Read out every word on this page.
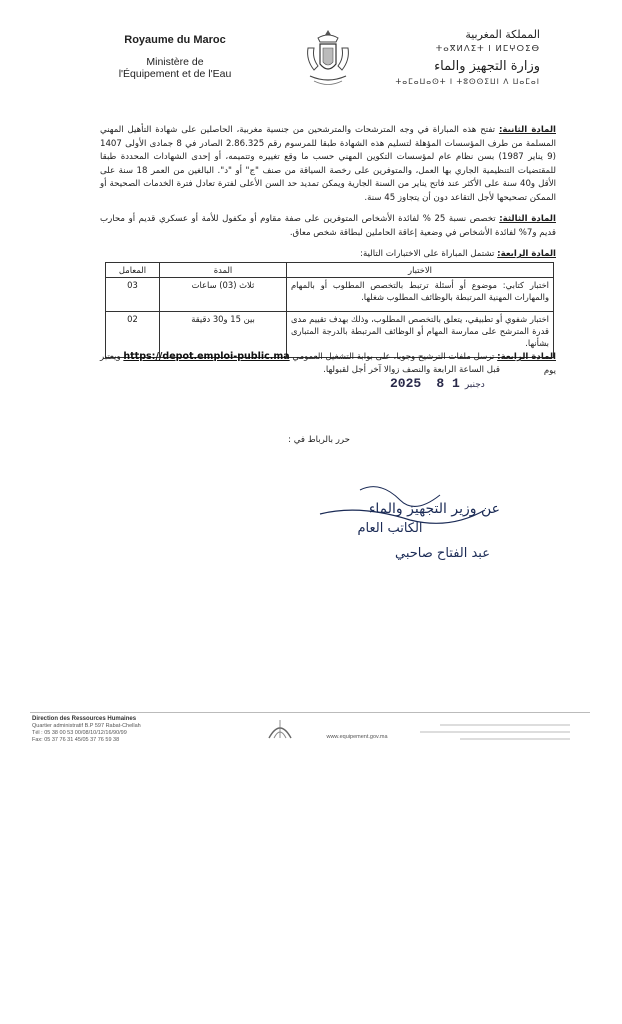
Royaume du Maroc
Ministère de
l'Équipement et de l'Eau
المملكة المغربية
ⵜⴰⴳⵍⴷⵉⵜ ⵏ ⵍⵎⵖⵔⵉⴱ
وزارة التجهيز والماء
ⵜⴰⵎⴰⵡⴰⵙⵜ ⵏ ⵜⵓⵙⵙⵉⵡⵏ ⴷ ⵡⴰⵎⴰⵏ
المادة الثانية: تفتح هذه المباراة في وجه المترشحات والمترشحين من جنسية مغربية، الحاصلين على شهادة التأهيل المهني المسلمة من طرف المؤسسات المؤهلة لتسليم هذه الشهادة طبقا للمرسوم رقم 2.86.325 الصادر في 8 جمادى الأولى 1407 (9 يناير 1987) بسن نظام عام لمؤسسات التكوين المهني حسب ما وقع تغييره وتتميمه، أو إحدى الشهادات المحددة طبقا للمقتضيات التنظيمية الجاري بها العمل، والمتوفرين على رخصة السياقة من صنف "ج" أو "د". البالغين من العمر 18 سنة على الأقل و40 سنة على الأكثر عند فاتح يناير من السنة الجارية ويمكن تمديد حد السن الأعلى لفترة تعادل فترة الخدمات الصحيحة أو الممكن تصحيحها لأجل التقاعد دون أن يتجاوز 45 سنة.
المادة الثالثة: تخصص نسبة 25 % لفائدة الأشخاص المتوفرين على صفة مقاوم أو مكفول للأمة أو عسكري قديم أو محارب قديم و7% لفائدة الأشخاص في وضعية إعاقة الحاملين لبطاقة شخص معاق.
المادة الرابعة: تشتمل المباراة على الاختبارات التالية:
الاختبار	المدة	المعامل
اختبار كتابي: موضوع أو أسئلة ترتبط بالتخصص المطلوب أو بالمهام والمهارات المهنية المرتبطة بالوظائف المطلوب شغلها.	ثلاث (03) ساعات	03
اختبار شفوي أو تطبيقي، يتعلق بالتخصص المطلوب، وذلك بهدف تقييم مدى قدرة المترشح على ممارسة المهام أو الوظائف المرتبطة بالدرجة المتبارى بشأنها.	بين 15 و30 دقيقة	02
المادة الرابعة: ترسل ملفات الترشيح وجوبا، على بوابة التشغيل العمومي https://depot.emploi-public.ma ويعتبر يوم
قبل الساعة الرابعة والنصف زوالا آخر أجل لقبولها.
2025	دجنبر 1 8
حرر بالرباط في :
عن وزير التجهيز والماء
الكاتب العام
عبد الفتاح صاحبي
Direction des Ressources Humaines
Quartier administratif B.P 597 Rabat-Chellah
Tél : 05 38 00 53 00/08/10/12/16/90/99
Fax: 05 37 76 31 45/05 37 76 59 38	www.equipement.gov.ma
